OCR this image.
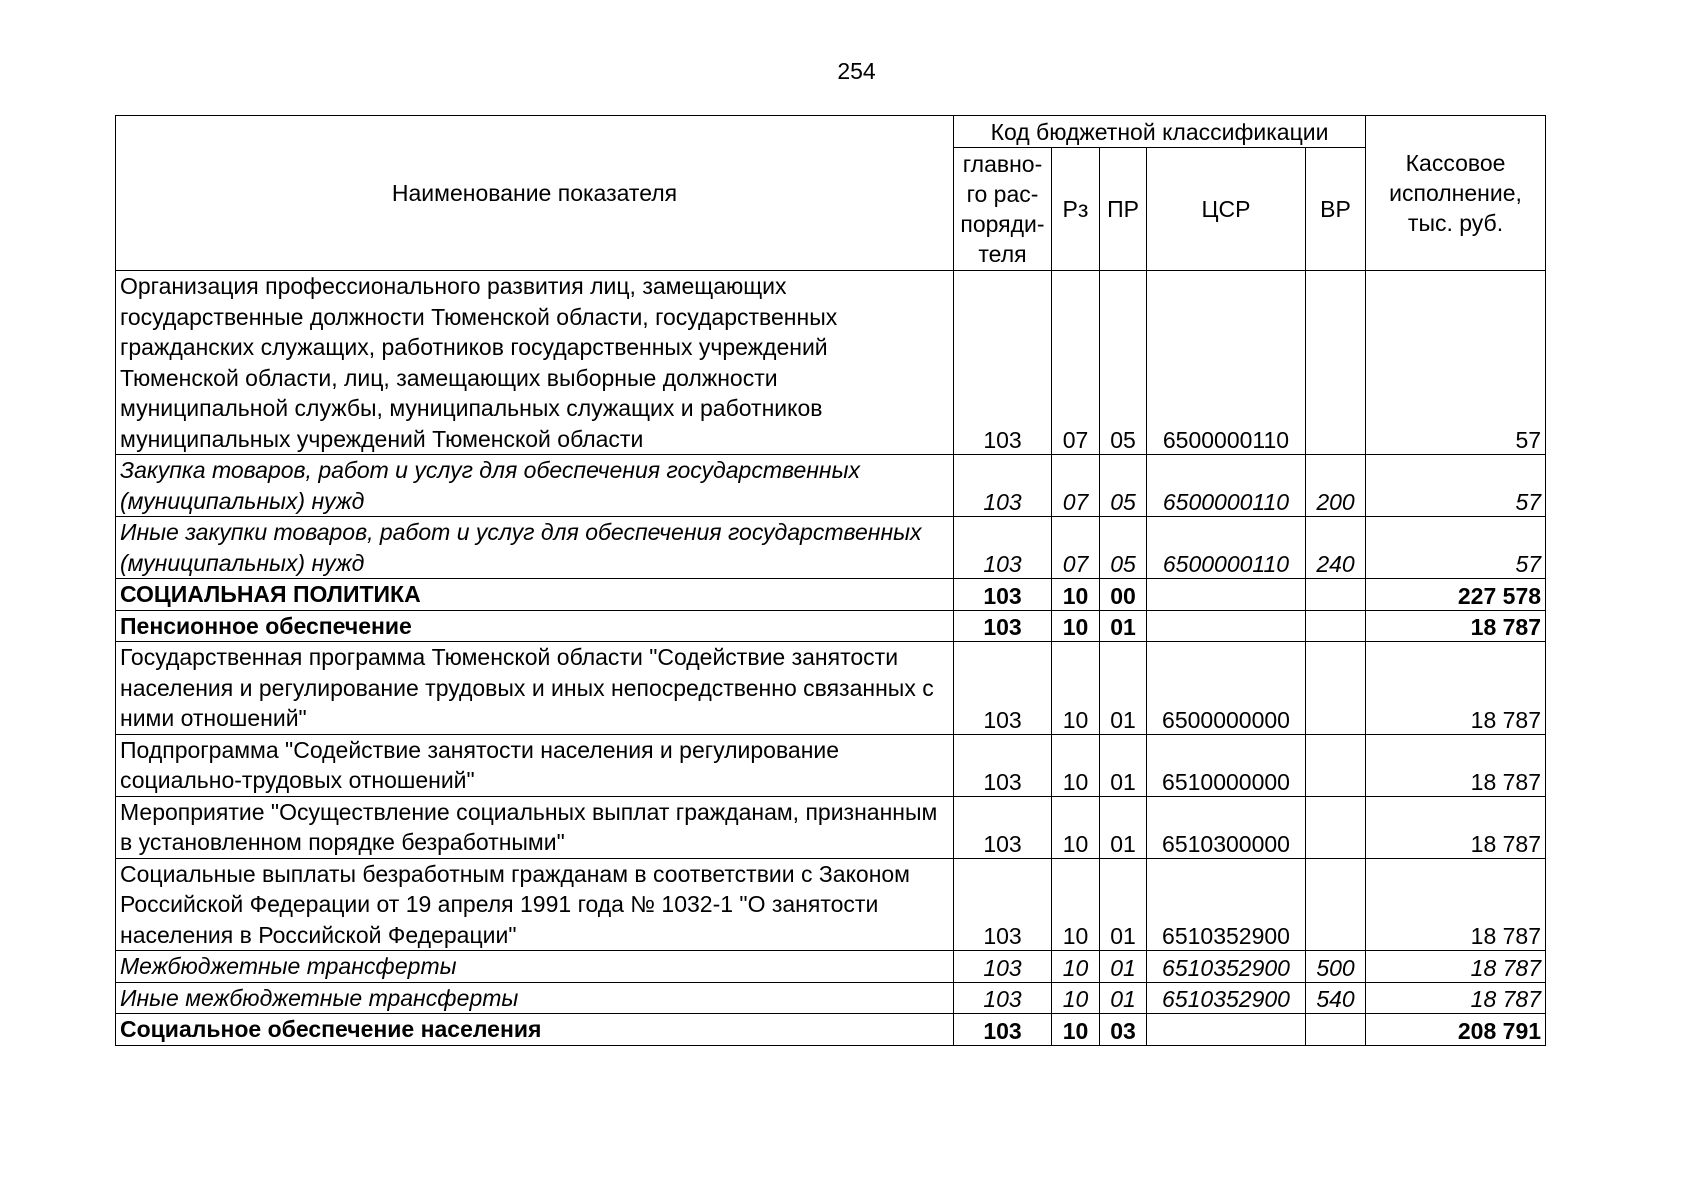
254
Наименование показателя	Код бюджетной классификации					Кассовое исполнение, тыс. руб.
	главно-го рас-поряди-теля	Рз	ПР	ЦСР	ВР	
Организация профессионального развития лиц, замещающих государственные должности Тюменской области, государственных гражданских служащих, работников государственных учреждений Тюменской области, лиц, замещающих выборные должности муниципальной службы, муниципальных служащих и работников муниципальных учреждений Тюменской области	103	07	05	6500000110		57
Закупка товаров, работ и услуг для обеспечения государственных (муниципальных) нужд	103	07	05	6500000110	200	57
Иные закупки товаров, работ и услуг для обеспечения государственных (муниципальных) нужд	103	07	05	6500000110	240	57
СОЦИАЛЬНАЯ ПОЛИТИКА	103	10	00			227 578
Пенсионное обеспечение	103	10	01			18 787
Государственная программа Тюменской области "Содействие занятости населения и регулирование трудовых и иных непосредственно связанных с ними отношений"	103	10	01	6500000000		18 787
Подпрограмма "Содействие занятости населения и регулирование социально-трудовых отношений"	103	10	01	6510000000		18 787
Мероприятие "Осуществление социальных выплат гражданам, признанным в установленном порядке безработными"	103	10	01	6510300000		18 787
Социальные выплаты безработным гражданам в соответствии с Законом Российской Федерации от 19 апреля 1991 года № 1032-1 "О занятости населения в Российской Федерации"	103	10	01	6510352900		18 787
Межбюджетные трансферты	103	10	01	6510352900	500	18 787
Иные межбюджетные трансферты	103	10	01	6510352900	540	18 787
Социальное обеспечение населения	103	10	03			208 791
